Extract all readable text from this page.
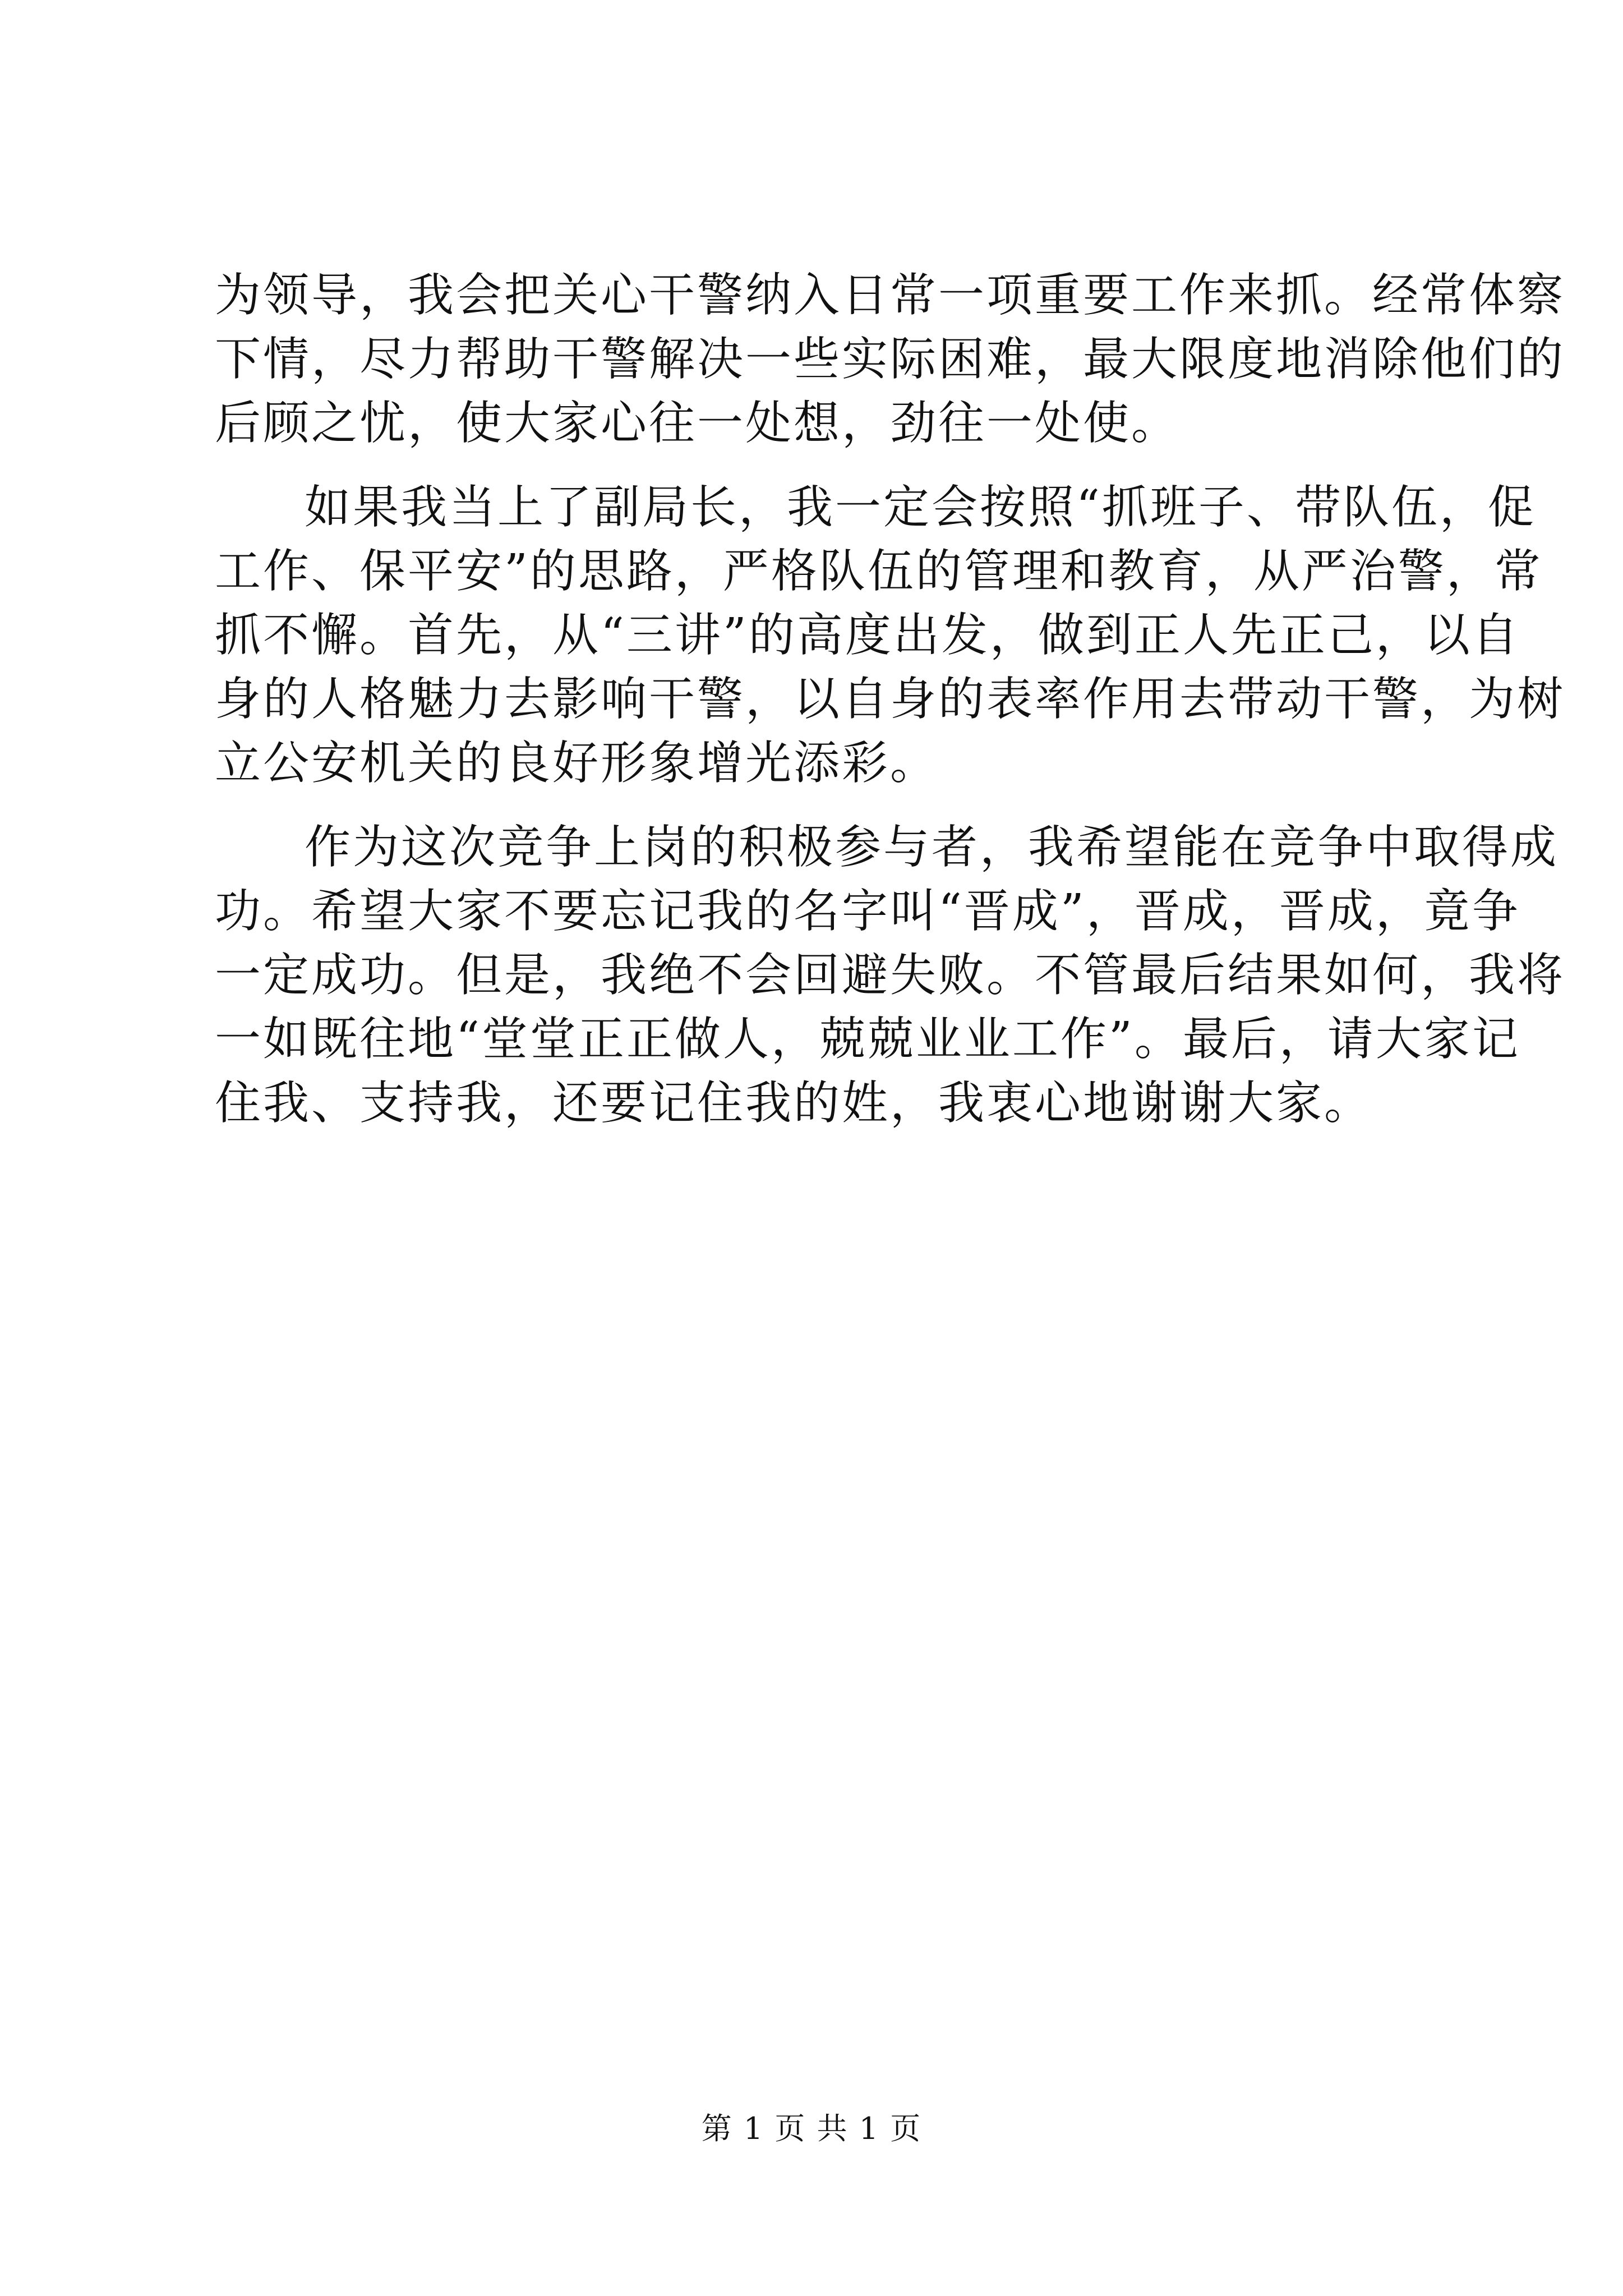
为领导，我会把关心干警纳入日常一项重要工作来抓。经常体察
下情，尽力帮助干警解决一些实际困难，最大限度地消除他们的
后顾之忧，使大家心往一处想，劲往一处使。
如果我当上了副局长，我一定会按照“抓班子、带队伍，促
工作、保平安”的思路，严格队伍的管理和教育，从严治警，常
抓不懈。首先，从“三讲”的高度出发，做到正人先正己，以自
身的人格魅力去影响干警，以自身的表率作用去带动干警，为树
立公安机关的良好形象增光添彩。
作为这次竞争上岗的积极参与者，我希望能在竞争中取得成
功。希望大家不要忘记我的名字叫“晋成”，晋成，晋成，竟争
一定成功。但是，我绝不会回避失败。不管最后结果如何，我将
一如既往地“堂堂正正做人，兢兢业业工作”。最后，请大家记
住我、支持我，还要记住我的姓，我衷心地谢谢大家。
第 1 页 共 1 页
